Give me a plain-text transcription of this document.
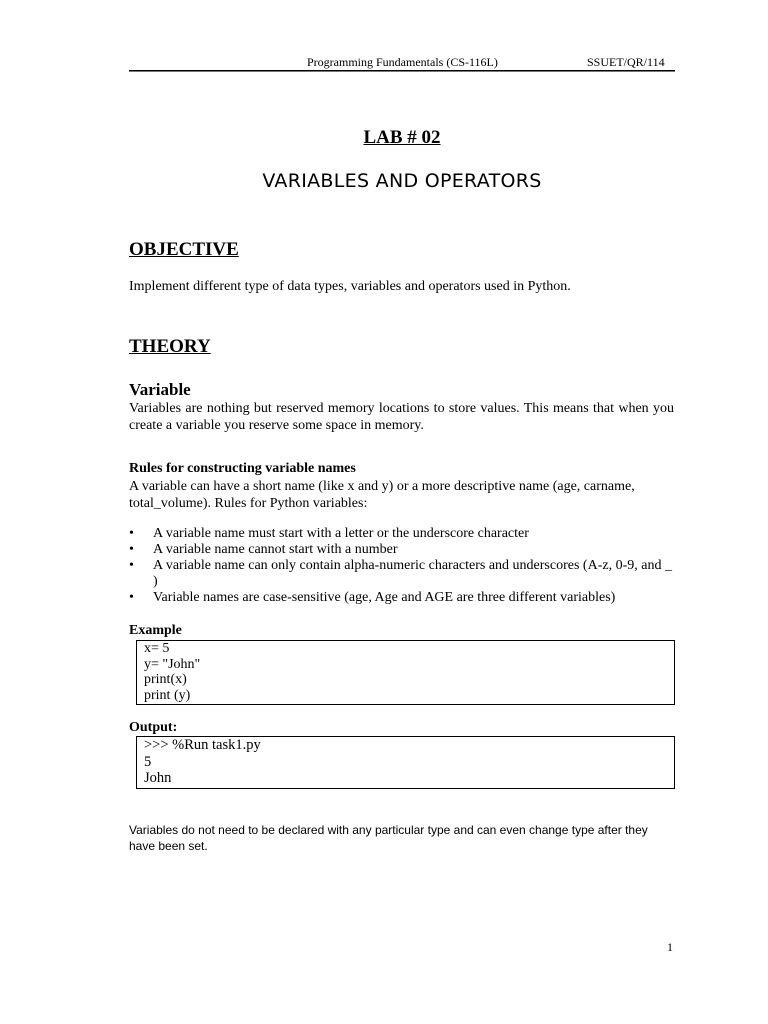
Programming Fundamentals (CS-116L)	SSUET/QR/114
LAB # 02
VARIABLES AND OPERATORS
OBJECTIVE
Implement different type of data types, variables and operators used in Python.
THEORY
Variable
Variables are nothing but reserved memory locations to store values. This means that when you create a variable you reserve some space in memory.
Rules for constructing variable names
A variable can have a short name (like x and y) or a more descriptive name (age, carname, total_volume). Rules for Python variables:
• A variable name must start with a letter or the underscore character
• A variable name cannot start with a number
• A variable name can only contain alpha-numeric characters and underscores (A-z, 0-9, and _ )
• Variable names are case-sensitive (age, Age and AGE are three different variables)
Example
x= 5
y= "John"
print(x)
print (y)
Output:
>>> %Run task1.py
5
John
Variables do not need to be declared with any particular type and can even change type after they have been set.
1
